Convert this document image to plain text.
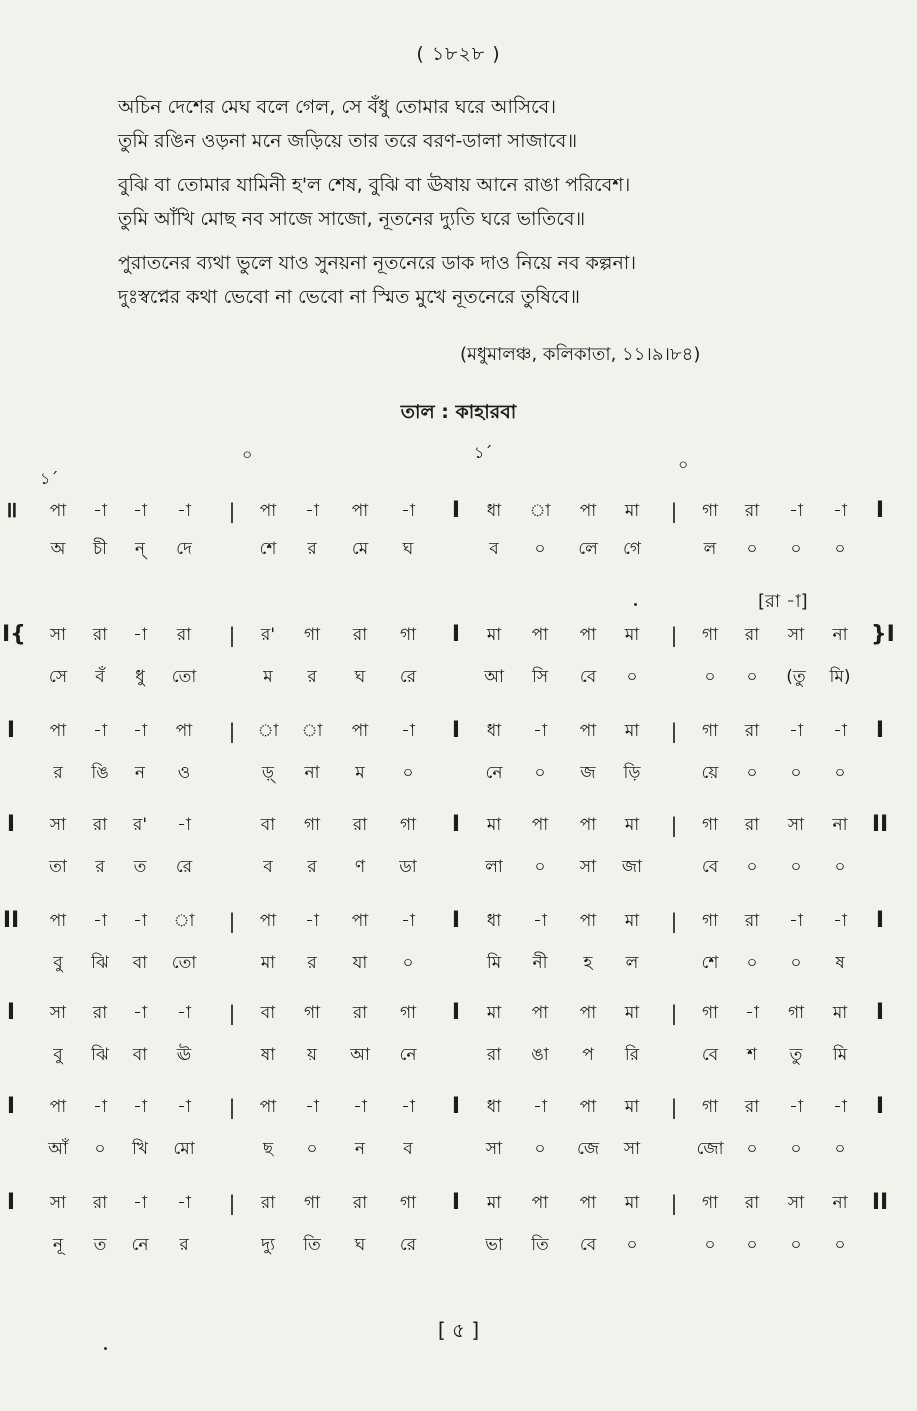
( ১৮২৮ )
অচিন দেশের মেঘ বলে গেল, সে বঁধু তোমার ঘরে আসিবে।
তুমি রঙিন ওড়না মনে জড়িয়ে তার তরে বরণ-ডালা সাজাবে॥
বুঝি বা তোমার যামিনী হ'ল শেষ, বুঝি বা ঊষায় আনে রাঙা পরিবেশ।
তুমি আঁখি মোছ নব সাজে সাজো, নূতনের দ্যুতি ঘরে ভাতিবে॥
পুরাতনের ব্যথা ভুলে যাও সুনয়না নূতনেরে ডাক দাও নিয়ে নব কল্পনা।
দুঃস্বপ্নের কথা ভেবো না ভেবো না স্মিত মুখে নূতনেরে তুষিবে॥
(মধুমালঞ্চ, কলিকাতা, ১১।৯।৮৪)
তাল : কাহারবা
১´
০	১´
০
[রা -া]
॥	পা	-া	-া	-া	|	পা	-া	পা	-া	I	ধা	া	পা	মা	|	গা	রা	-া	-া	I
অ	চী	ন্	দে	শে	র	মে	ঘ	ব	০	লে	গে	ল	০	০	০
I{	সা	রা	-া	রা	|	র'	গা	রা	গা	I	মা	পা	পা	মা	|	গা	রা	সা	না	}I
সে	বঁ	ধু	তো	ম	র	ঘ	রে	আ	সি	বে	০	০	০	(তু	মি)
I	পা	-া	-া	পা	|	া	া	পা	-া	I	ধা	-া	পা	মা	|	গা	রা	-া	-া	I
র	ঙি	ন	ও	ড়্	না	ম	০	নে	০	জ	ড়ি	য়ে	০	০	০
I	সা	রা	র'	-া	বা	গা	রা	গা	I	মা	পা	পা	মা	|	গা	রা	সা	না	II
তা	র	ত	রে	ব	র	ণ	ডা	লা	০	সা	জা	বে	০	০	০
II	পা	-া	-া	া	|	পা	-া	পা	-া	I	ধা	-া	পা	মা	|	গা	রা	-া	-া	I
বু	ঝি	বা	তো	মা	র	যা	০	মি	নী	হ	ল	শে	০	০	ষ
I	সা	রা	-া	-া	|	বা	গা	রা	গা	I	মা	পা	পা	মা	|	গা	-া	গা	মা	I
বু	ঝি	বা	ঊ	ষা	য়	আ	নে	রা	ঙা	প	রি	বে	শ	তু	মি
I	পা	-া	-া	-া	|	পা	-া	-া	-া	I	ধা	-া	পা	মা	|	গা	রা	-া	-া	I
আঁ	০	খি	মো	ছ	০	ন	ব	সা	০	জে	সা	জো	০	০	০
I	সা	রা	-া	-া	|	রা	গা	রা	গা	I	মা	পা	পা	মা	|	গা	রা	সা	না	II
নূ	ত	নে	র	দ্যু	তি	ঘ	রে	ভা	তি	বে	০	০	০	০	০
[ ৫ ]
